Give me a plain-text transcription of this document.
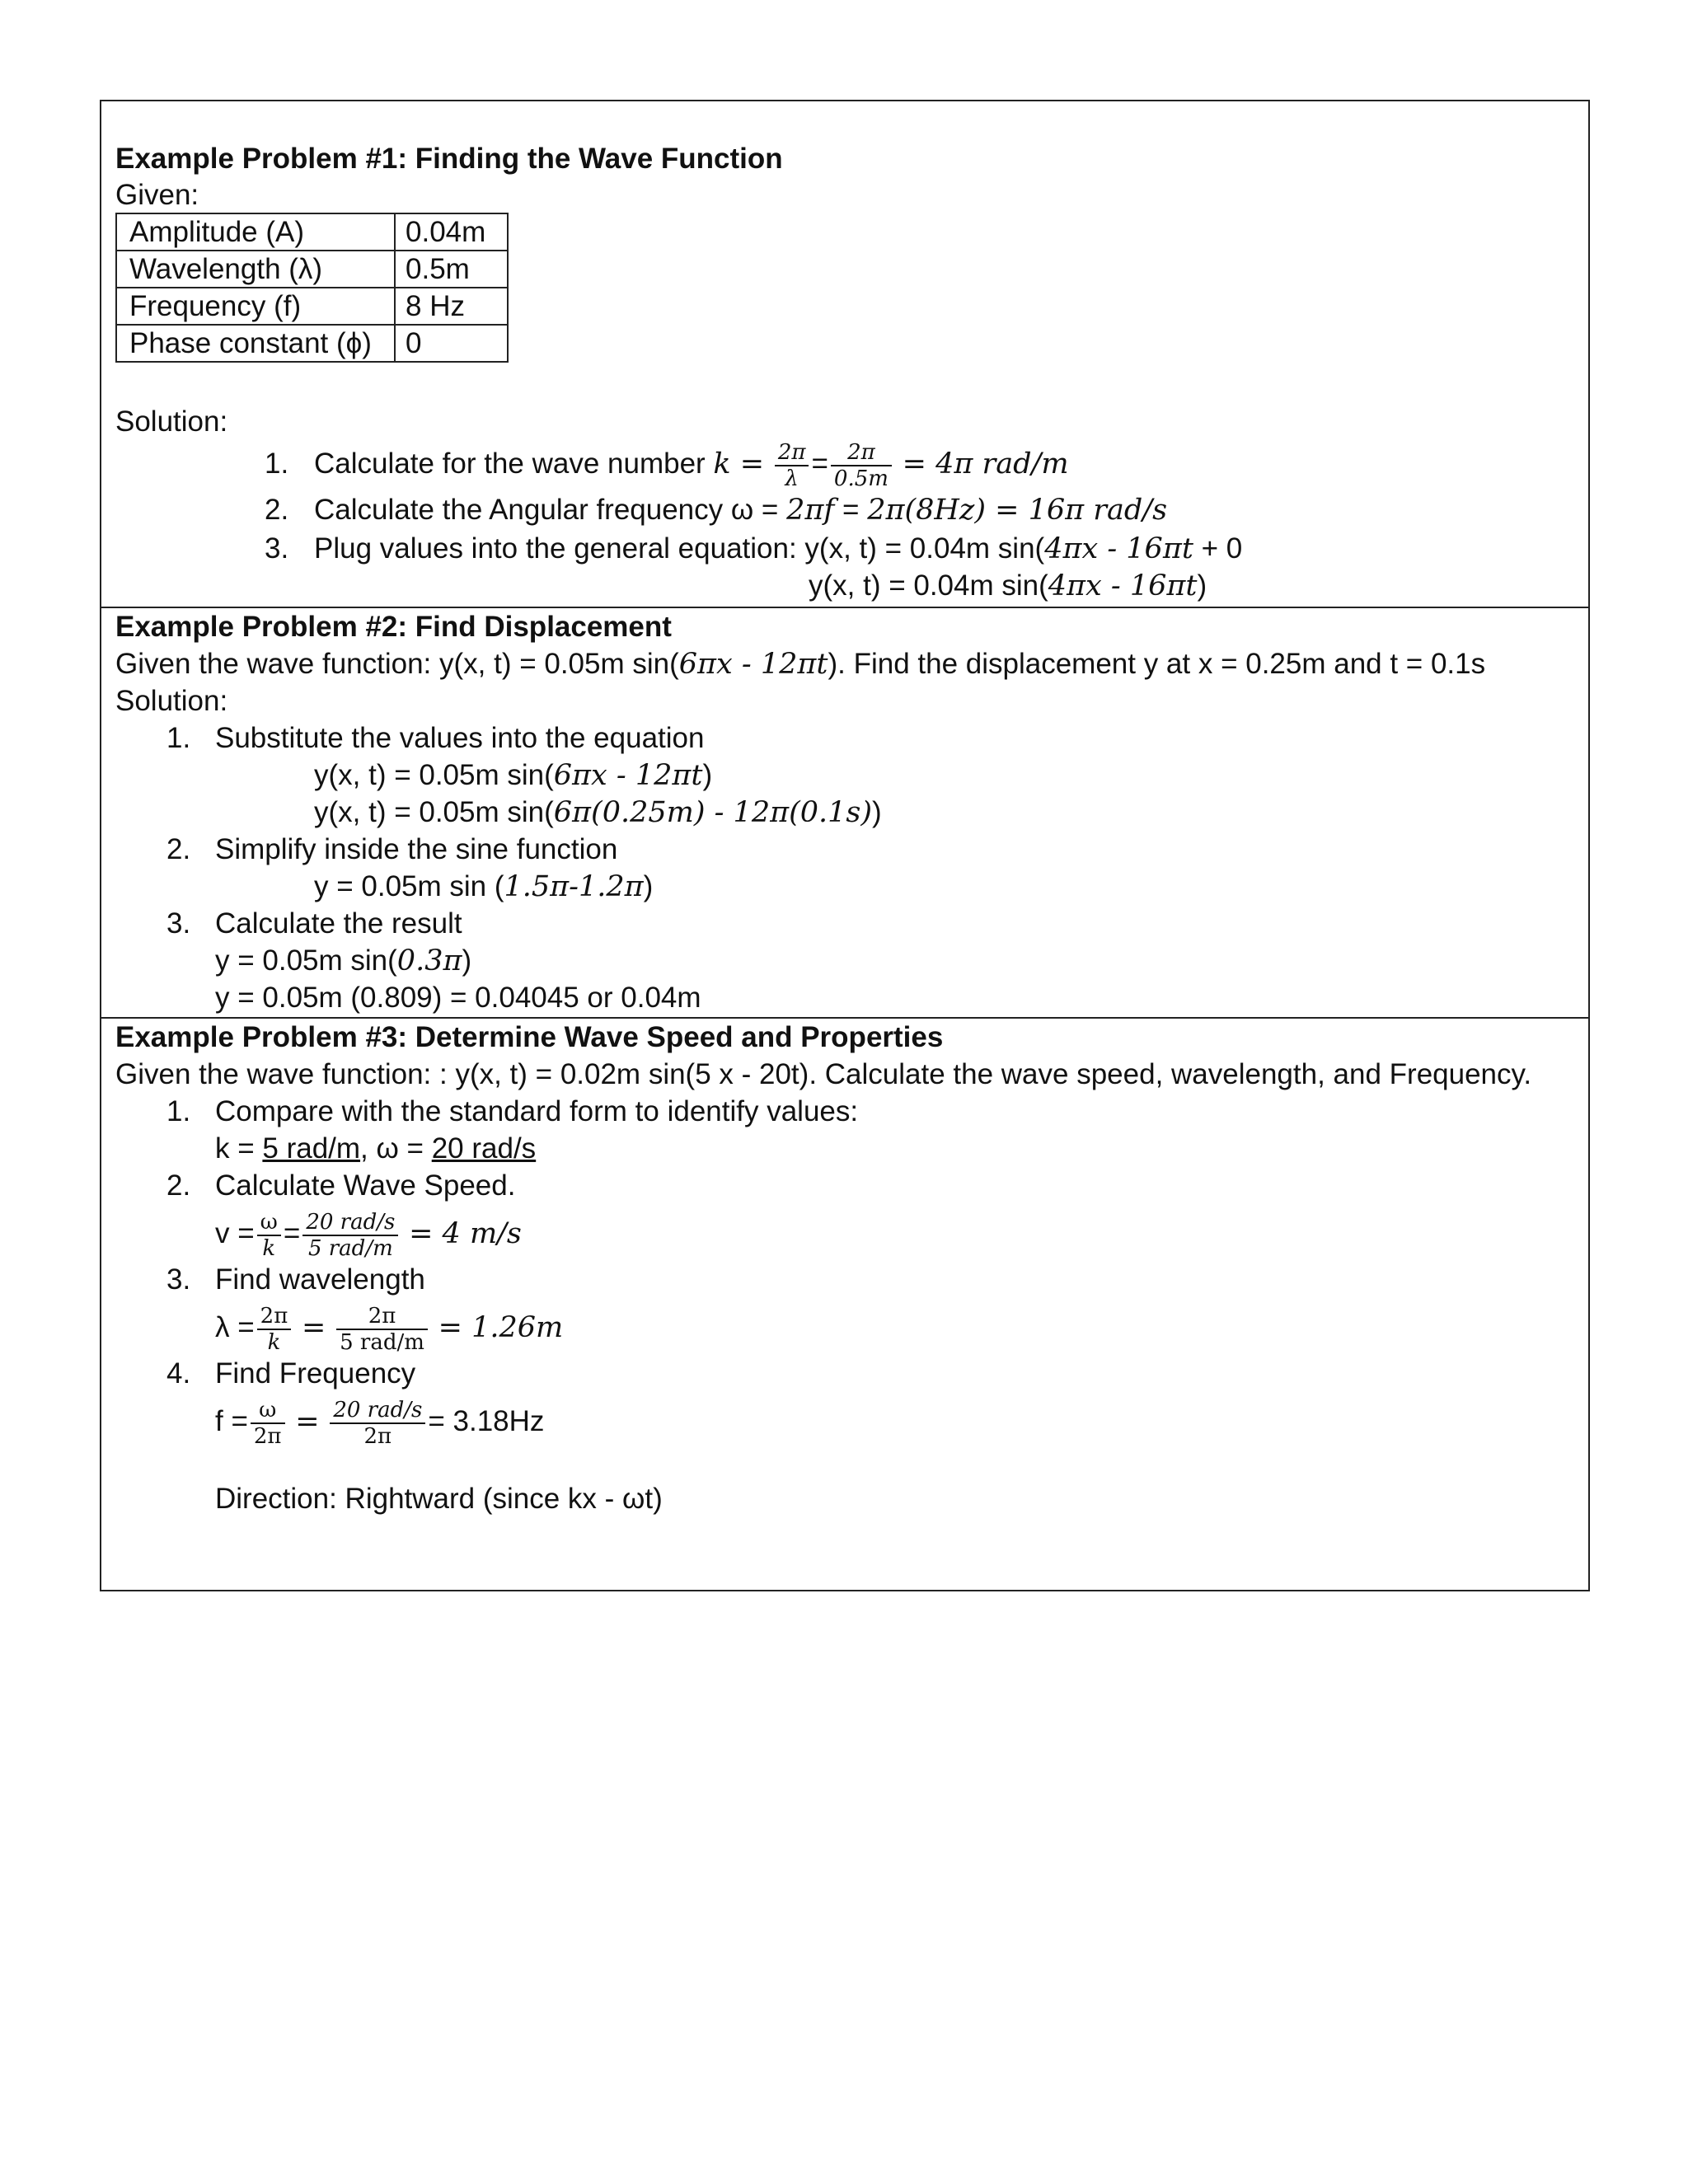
Example Problem #1: Finding the Wave Function
Given:
Amplitude (A)	0.04m
Wavelength (λ)	0.5m
Frequency (f)	8 Hz
Phase constant (ϕ)	0
Solution:
1. Calculate for the wave number $k = \frac{2\pi}{\lambda} = \frac{2\pi}{0.5m} = 4\pi$ rad/m
2. Calculate the Angular frequency ω = 2πf = 2π(8Hz) = 16π rad/s
3. Plug values into the general equation: y(x, t) = 0.04m sin(4πx - 16πt + 0
y(x, t) = 0.04m sin(4πx - 16πt)
Example Problem #2: Find Displacement
Given the wave function: y(x, t) = 0.05m sin(6πx - 12πt). Find the displacement y at x = 0.25m and t = 0.1s
Solution:
1. Substitute the values into the equation
y(x, t) = 0.05m sin(6πx - 12πt)
y(x, t) = 0.05m sin(6π(0.25m) - 12π(0.1s))
2. Simplify inside the sine function
y = 0.05m sin (1.5π-1.2π)
3. Calculate the result
y = 0.05m sin(0.3π)
y = 0.05m (0.809) = 0.04045 or 0.04m
Example Problem #3: Determine Wave Speed and Properties
Given the wave function: : y(x, t) = 0.02m sin(5 x - 20t). Calculate the wave speed, wavelength, and Frequency.
1. Compare with the standard form to identify values:
k = 5 rad/m, ω = 20 rad/s
2. Calculate Wave Speed.
$v = \frac{\omega}{k} = \frac{\text{20 rad/s}}{\text{5 rad/m}} = 4$ m/s
3. Find wavelength
$\lambda = \frac{2\pi}{k} = \frac{2\pi}{\text{5 rad/m}} = 1.26m$
4. Find Frequency
$f = \frac{\omega}{2\pi} = \frac{\text{20 rad/s}}{2\pi} = 3.18Hz$
Direction: Rightward (since kx - ωt)
